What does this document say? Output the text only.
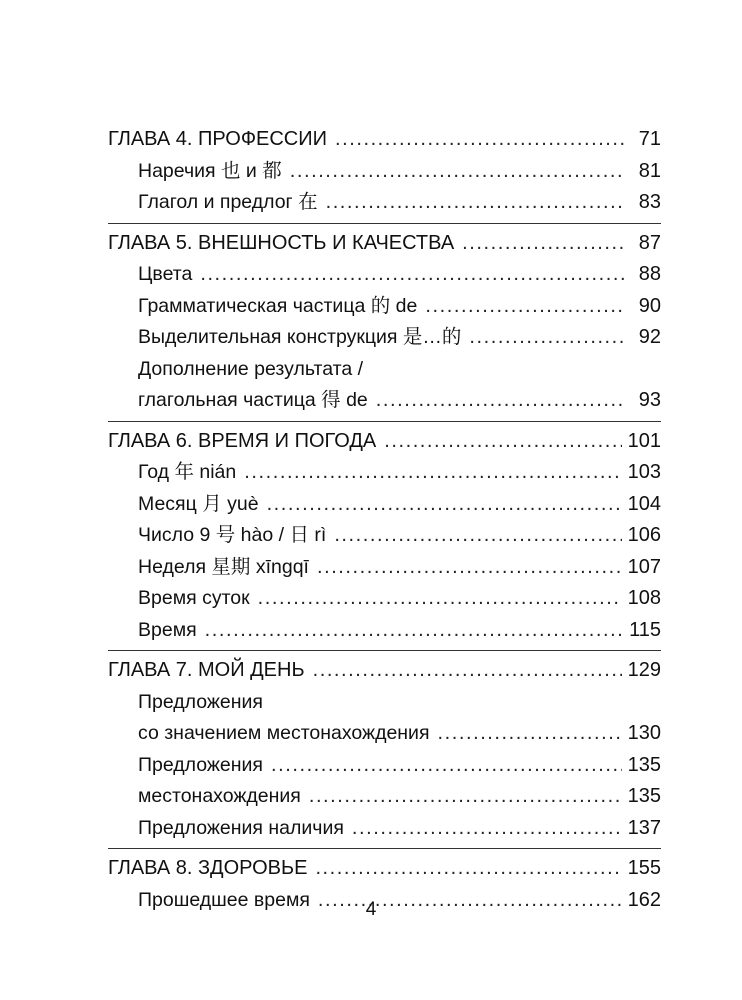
ГЛАВА 4. ПРОФЕССИИ . . .	71
Наречия 也 и 都 . . .	81
Глагол и предлог 在 . . .	83
ГЛАВА 5. ВНЕШНОСТЬ И КАЧЕСТВА . . .	87
Цвета . . .	88
Грамматическая частица 的 de . . .	90
Выделительная конструкция 是…的 . . .	92
Дополнение результата /
глагольная частица 得 de . . .	93
ГЛАВА 6. ВРЕМЯ И ПОГОДА . . .	101
Год 年 nián . . .	103
Месяц 月 yuè . . .	104
Число 9 号 hào / 日 rì . . .	106
Неделя 星期 xīngqī . . .	107
Время суток . . .	108
Время . . .	115
ГЛАВА 7. МОЙ ДЕНЬ . . .	129
Предложения
со значением местонахождения . . .	130
Предложения . . .	135
местонахождения . . .	135
Предложения наличия . . .	137
ГЛАВА 8. ЗДОРОВЬЕ . . .	155
Прошедшее время . . .	162
4
